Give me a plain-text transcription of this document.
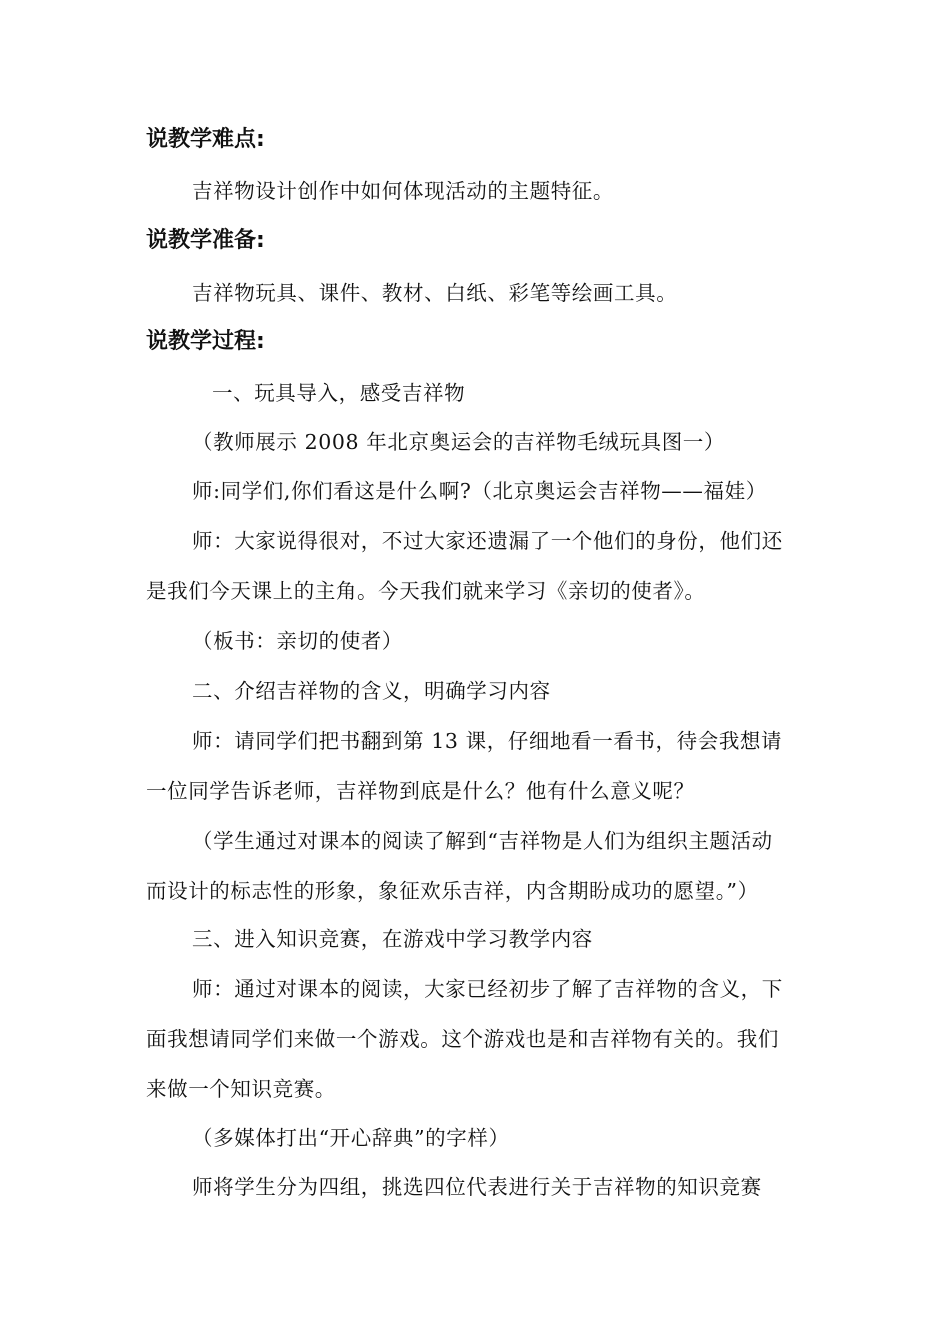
说教学难点:
吉祥物设计创作中如何体现活动的主题特征。
说教学准备:
吉祥物玩具、课件、教材、白纸、彩笔等绘画工具。
说教学过程:
一、玩具导入，感受吉祥物
（教师展示 2008 年北京奥运会的吉祥物毛绒玩具图一）
师:同学们,你们看这是什么啊?（北京奥运会吉祥物——福娃）
师：大家说得很对，不过大家还遗漏了一个他们的身份，他们还
是我们今天课上的主角。今天我们就来学习《亲切的使者》。
（板书：亲切的使者）
二、介绍吉祥物的含义，明确学习内容
师：请同学们把书翻到第 13 课，仔细地看一看书，待会我想请
一位同学告诉老师，吉祥物到底是什么？他有什么意义呢？
（学生通过对课本的阅读了解到“吉祥物是人们为组织主题活动
而设计的标志性的形象，象征欢乐吉祥，内含期盼成功的愿望。”）
三、进入知识竞赛，在游戏中学习教学内容
师：通过对课本的阅读，大家已经初步了解了吉祥物的含义，下
面我想请同学们来做一个游戏。这个游戏也是和吉祥物有关的。我们
来做一个知识竞赛。
（多媒体打出“开心辞典”的字样）
师将学生分为四组，挑选四位代表进行关于吉祥物的知识竞赛
